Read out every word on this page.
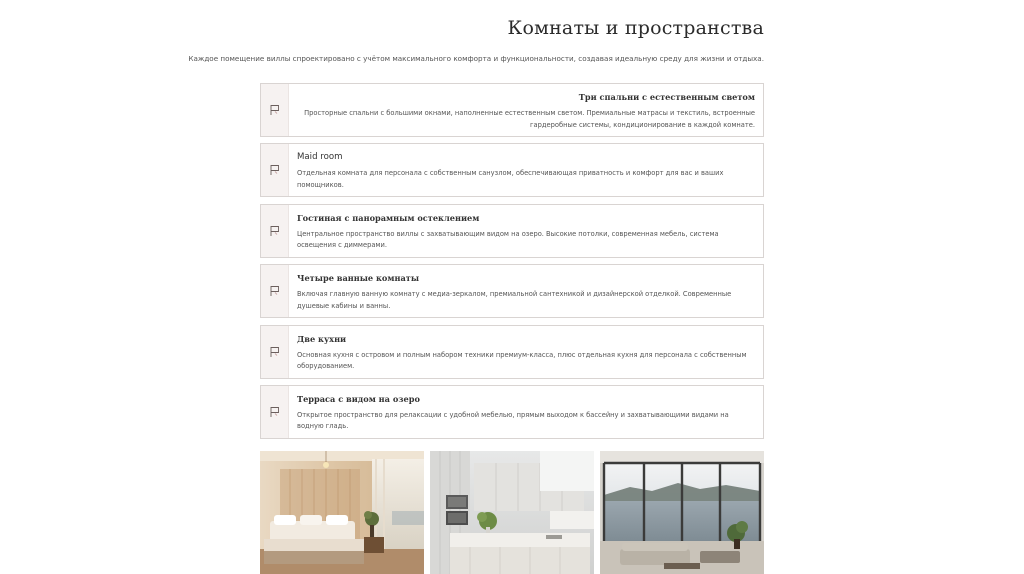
Комнаты и пространства

Каждое помещение виллы спроектировано с учётом максимального комфорта и функциональности, создавая идеальную среду для жизни и отдыха.

Три спальни с естественным светом
Просторные спальни с большими окнами, наполненные естественным светом. Премиальные матрасы и текстиль, встроенные гардеробные системы, кондиционирование в каждой комнате.
Maid room
Отдельная комната для персонала с собственным санузлом, обеспечивающая приватность и комфорт для вас и ваших помощников.
Гостиная с панорамным остеклением
Центральное пространство виллы с захватывающим видом на озеро. Высокие потолки, современная мебель, система освещения с диммерами.
Четыре ванные комнаты
Включая главную ванную комнату с медиа-зеркалом, премиальной сантехникой и дизайнерской отделкой. Современные душевые кабины и ванны.
Две кухни
Основная кухня с островом и полным набором техники премиум-класса, плюс отдельная кухня для персонала с собственным оборудованием.
Терраса с видом на озеро
Открытое пространство для релаксации с удобной мебелью, прямым выходом к бассейну и захватывающими видами на водную гладь.
